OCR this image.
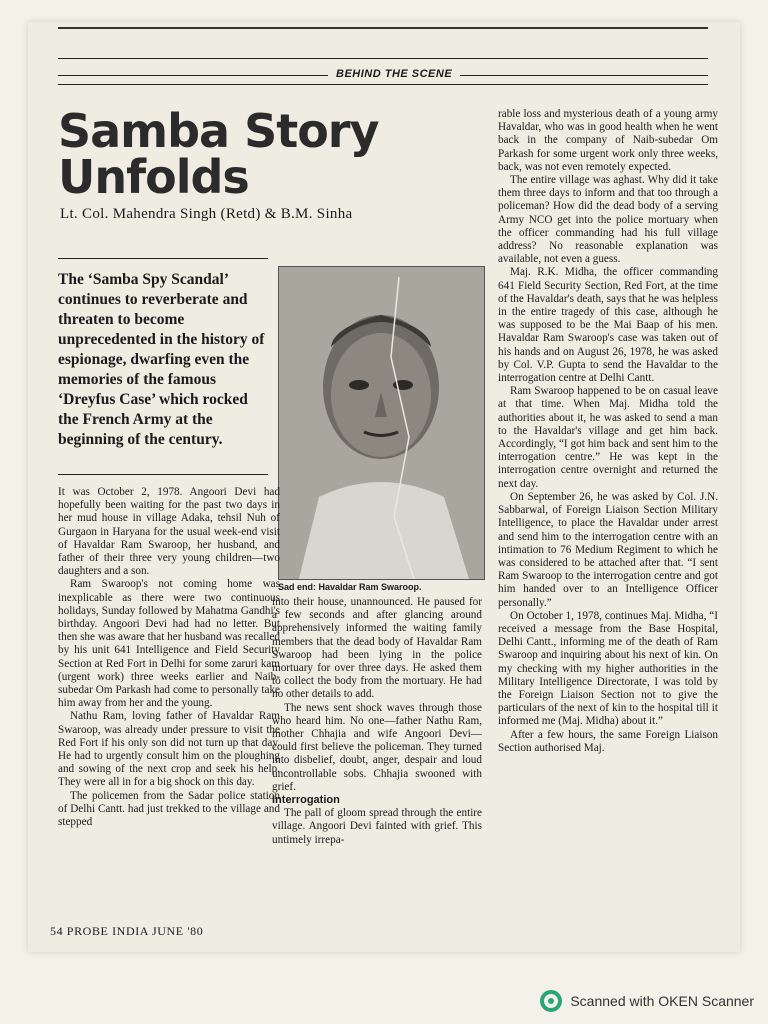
BEHIND THE SCENE
Samba Story
Unfolds
Lt. Col. Mahendra Singh (Retd) & B.M. Sinha

The ‘Samba Spy Scandal’ continues to reverberate and threaten to become unprecedented in the history of espionage, dwarfing even the memories of the famous ‘Dreyfus Case’ which rocked the French Army at the beginning of the century.

Sad end: Havaldar Ram Swaroop.

It was October 2, 1978. Angoori Devi had hopefully been waiting for the past two days in her mud house in village Adaka, tehsil Nuh of Gurgaon in Haryana for the usual week-end visit of Havaldar Ram Swaroop, her husband, and father of their three very young children—two daughters and a son.

Ram Swaroop's not coming home was inexplicable as there were two continuous holidays, Sunday followed by Mahatma Gandhi's birthday. Angoori Devi had had no letter. But then she was aware that her husband was recalled by his unit 641 Intelligence and Field Security Section at Red Fort in Delhi for some zaruri kam (urgent work) three weeks earlier and Naib-subedar Om Parkash had come to personally take him away from her and the young.

Nathu Ram, loving father of Havaldar Ram Swaroop, was already under pressure to visit the Red Fort if his only son did not turn up that day. He had to urgently consult him on the ploughing and sowing of the next crop and seek his help. They were all in for a big shock on this day.

The policemen from the Sadar police station of Delhi Cantt. had just trekked to the village and stepped

into their house, unannounced. He paused for a few seconds and after glancing around apprehensively informed the waiting family members that the dead body of Havaldar Ram Swaroop had been lying in the police mortuary for over three days. He asked them to collect the body from the mortuary. He had no other details to add.

The news sent shock waves through those who heard him. No one—father Nathu Ram, mother Chhajia and wife Angoori Devi—could first believe the policeman. They turned into disbelief, doubt, anger, despair and loud uncontrollable sobs. Chhajia swooned with grief.

Interrogation

The pall of gloom spread through the entire village. Angoori Devi fainted with grief. This untimely irrepa-

rable loss and mysterious death of a young army Havaldar, who was in good health when he went back in the company of Naib-subedar Om Parkash for some urgent work only three weeks, back, was not even remotely expected.

The entire village was aghast. Why did it take them three days to inform and that too through a policeman? How did the dead body of a serving Army NCO get into the police mortuary when the officer commanding had his full village address? No reasonable explanation was available, not even a guess.

Maj. R.K. Midha, the officer commanding 641 Field Security Section, Red Fort, at the time of the Havaldar's death, says that he was helpless in the entire tragedy of this case, although he was supposed to be the Mai Baap of his men. Havaldar Ram Swaroop's case was taken out of his hands and on August 26, 1978, he was asked by Col. V.P. Gupta to send the Havaldar to the interrogation centre at Delhi Cantt.

Ram Swaroop happened to be on casual leave at that time. When Maj. Midha told the authorities about it, he was asked to send a man to the Havaldar's village and get him back. Accordingly, “I got him back and sent him to the interrogation centre.” He was kept in the interrogation centre overnight and returned the next day.

On September 26, he was asked by Col. J.N. Sabbarwal, of Foreign Liaison Section Military Intelligence, to place the Havaldar under arrest and send him to the interrogation centre with an intimation to 76 Medium Regiment to which he was considered to be attached after that. “I sent Ram Swaroop to the interrogation centre and got him handed over to an Intelligence Officer personally.”

On October 1, 1978, continues Maj. Midha, “I received a message from the Base Hospital, Delhi Cantt., informing me of the death of Ram Swaroop and inquiring about his next of kin. On my checking with my higher authorities in the Military Intelligence Directorate, I was told by the Foreign Liaison Section not to give the particulars of the next of kin to the hospital till it informed me (Maj. Midha) about it.”

After a few hours, the same Foreign Liaison Section authorised Maj.

54 PROBE INDIA JUNE '80
Scanned with OKEN Scanner
